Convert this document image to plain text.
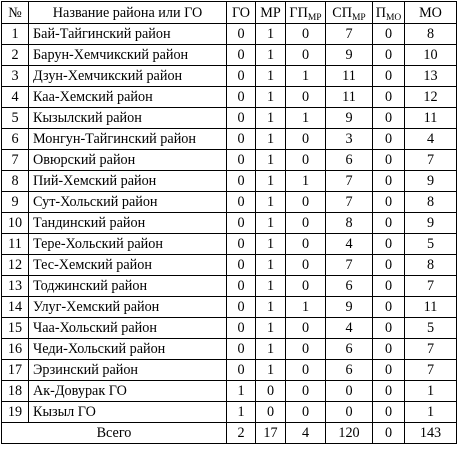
№	Название района или ГО	ГО	МР	$ГП_{МР}$	$СП_{МР}$	$П_{МО}$	МО
1	Бай-Тайгинский район	0	1	0	7	0	8
2	Барун-Хемчикский район	0	1	0	9	0	10
3	Дзун-Хемчикский район	0	1	1	11	0	13
4	Каа-Хемский район	0	1	0	11	0	12
5	Кызылский район	0	1	1	9	0	11
6	Монгун-Тайгинский район	0	1	0	3	0	4
7	Овюрский район	0	1	0	6	0	7
8	Пий-Хемский район	0	1	1	7	0	9
9	Сут-Хольский район	0	1	0	7	0	8
10	Тандинский район	0	1	0	8	0	9
11	Тере-Хольский район	0	1	0	4	0	5
12	Тес-Хемский район	0	1	0	7	0	8
13	Тоджинский район	0	1	0	6	0	7
14	Улуг-Хемский район	0	1	1	9	0	11
15	Чаа-Хольский район	0	1	0	4	0	5
16	Чеди-Хольский район	0	1	0	6	0	7
17	Эрзинский район	0	1	0	6	0	7
18	Ак-Довурак ГО	1	0	0	0	0	1
19	Кызыл ГО	1	0	0	0	0	1
Всего		2	17	4	120	0	143
